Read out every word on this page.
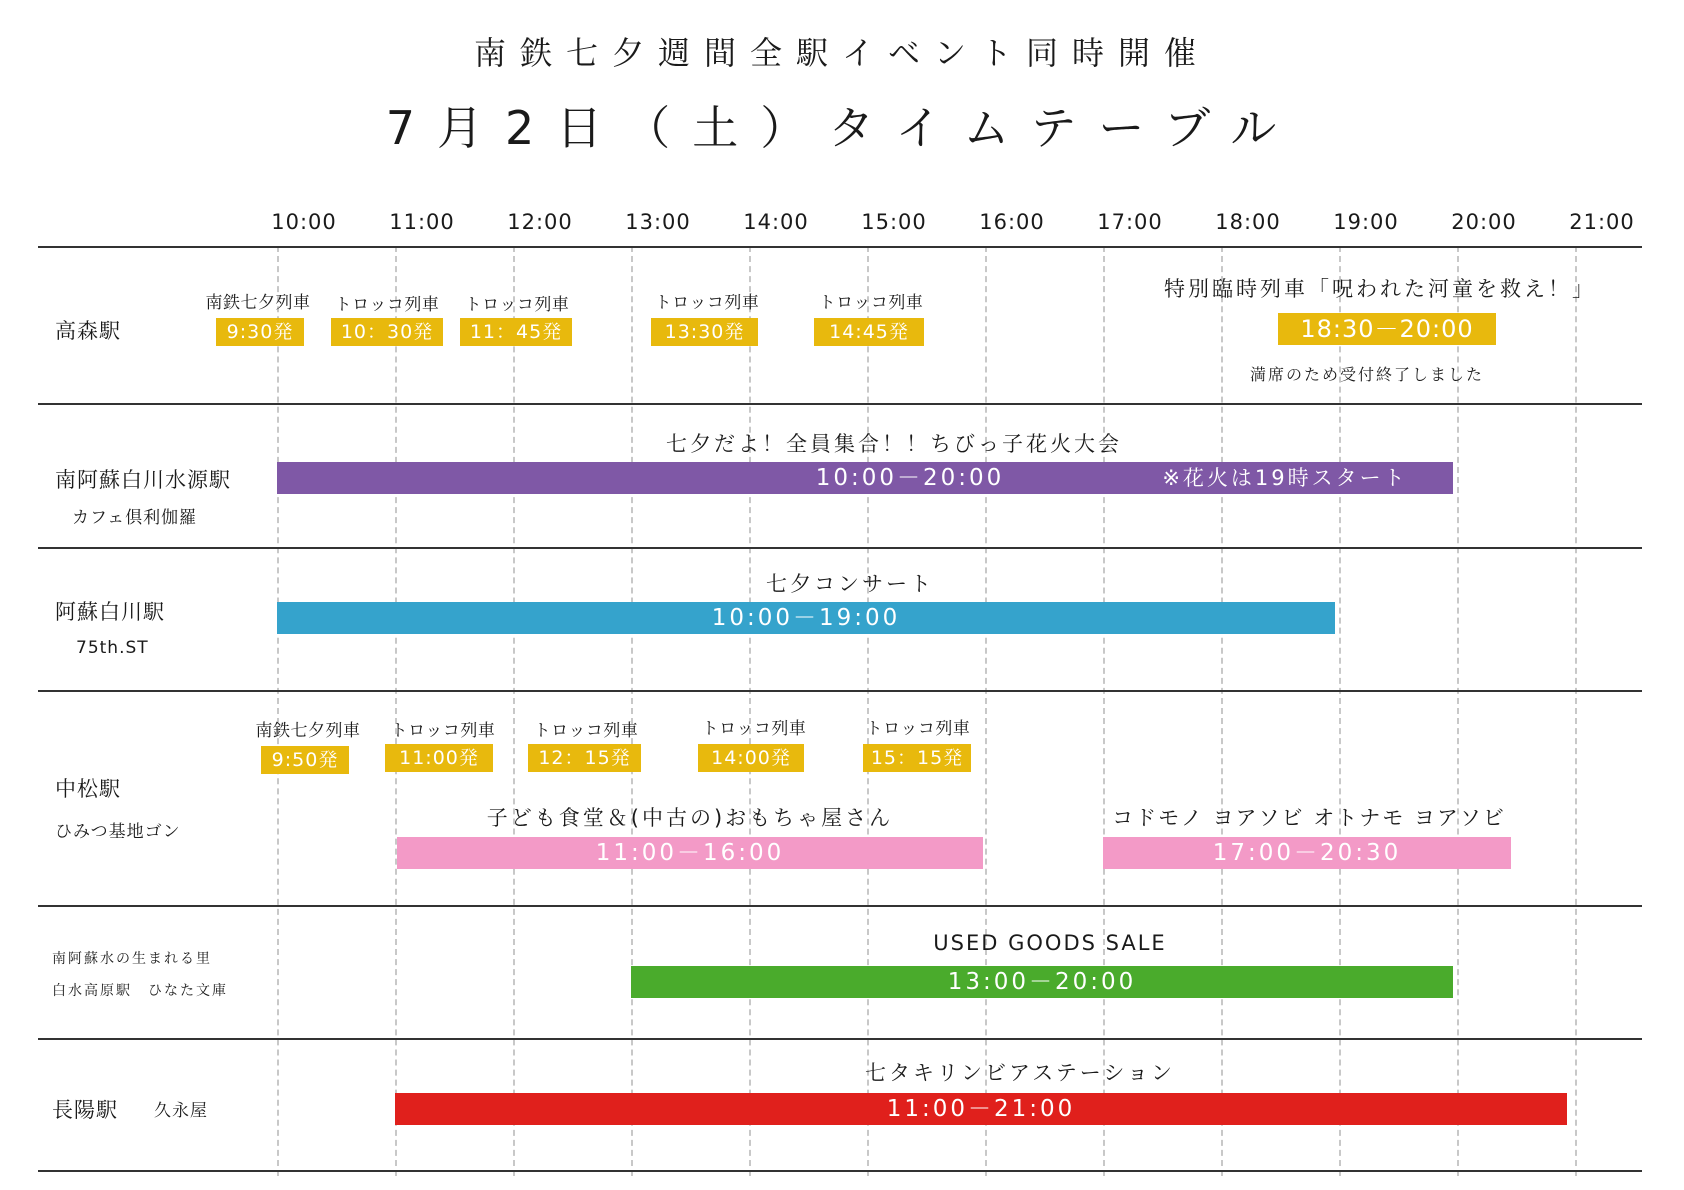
南鉄七夕週間全駅イベント同時開催
7月2日（土）タイムテーブル
10:00	11:00	12:00	13:00	14:00	15:00	16:00	17:00	18:00	19:00	20:00	21:00
高森駅
南鉄七夕列車
9:30発
トロッコ列車
10：30発
トロッコ列車
11：45発
トロッコ列車
13:30発
トロッコ列車
14:45発
特別臨時列車「呪われた河童を救え！」
18:30－20:00
満席のため受付終了しました
南阿蘇白川水源駅
カフェ倶利伽羅
七夕だよ！全員集合！！ちびっ子花火大会
10:00－20:00	※花火は19時スタート
阿蘇白川駅
75th.ST
七夕コンサート
10:00－19:00
中松駅
ひみつ基地ゴン
南鉄七夕列車
9:50発
トロッコ列車
11:00発
トロッコ列車
12：15発
トロッコ列車
14:00発
トロッコ列車
15：15発
子ども食堂＆(中古の)おもちゃ屋さん
11:00－16:00
コドモノ ヨアソビ オトナモ ヨアソビ
17:00－20:30
南阿蘇水の生まれる里
白水高原駅　ひなた文庫
USED GOODS SALE
13:00－20:00
長陽駅 久永屋
七タキリンビアステーション
11:00－21:00
